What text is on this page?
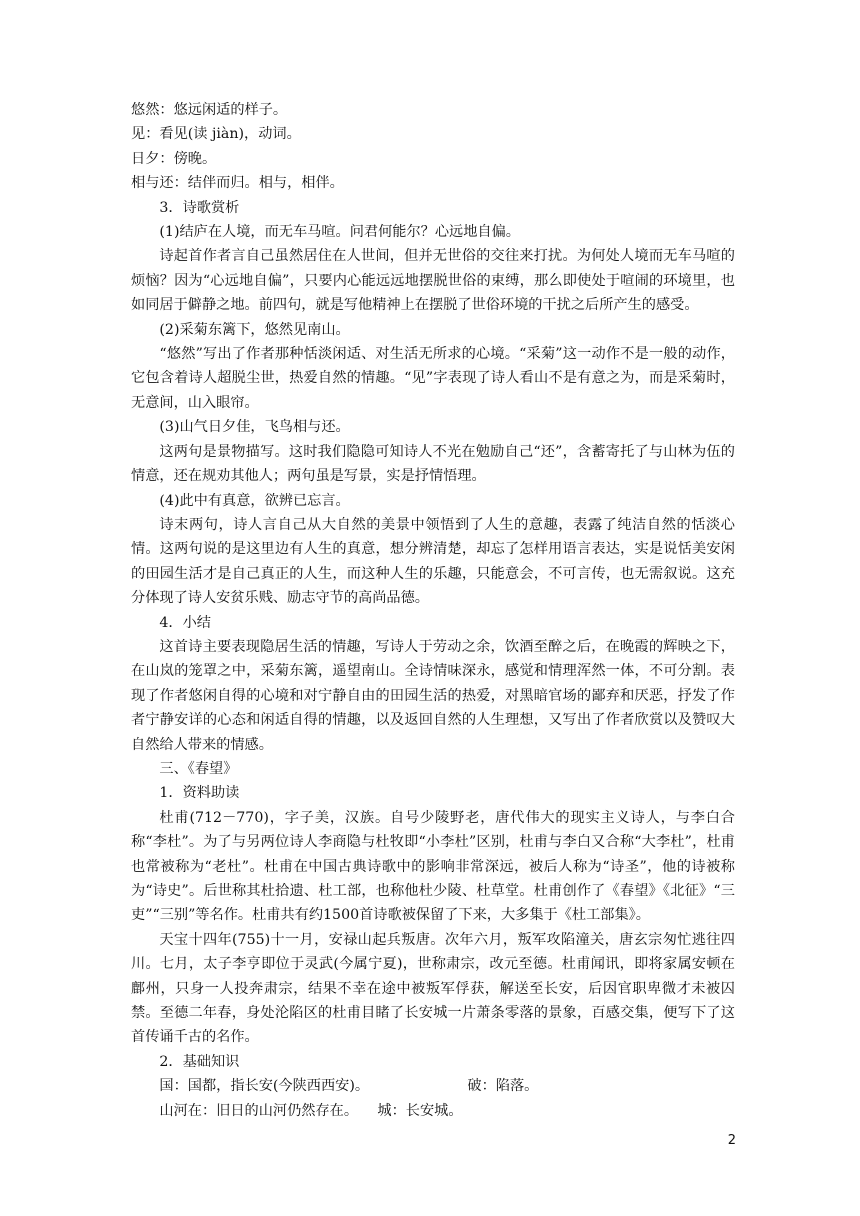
悠然：悠远闲适的样子。

见：看见(读 jiàn)，动词。

日夕：傍晚。

相与还：结伴而归。相与，相伴。

3．诗歌赏析

(1)结庐在人境，而无车马喧。问君何能尔？心远地自偏。

诗起首作者言自己虽然居住在人世间，但并无世俗的交往来打扰。为何处人境而无车马喧的烦恼？因为“心远地自偏”，只要内心能远远地摆脱世俗的束缚，那么即使处于喧闹的环境里，也如同居于僻静之地。前四句，就是写他精神上在摆脱了世俗环境的干扰之后所产生的感受。

(2)采菊东篱下，悠然见南山。

“悠然”写出了作者那种恬淡闲适、对生活无所求的心境。“采菊”这一动作不是一般的动作，它包含着诗人超脱尘世，热爱自然的情趣。“见”字表现了诗人看山不是有意之为，而是采菊时，无意间，山入眼帘。

(3)山气日夕佳，飞鸟相与还。

这两句是景物描写。这时我们隐隐可知诗人不光在勉励自己“还”，含蓄寄托了与山林为伍的情意，还在规劝其他人；两句虽是写景，实是抒情悟理。

(4)此中有真意，欲辨已忘言。

诗末两句，诗人言自己从大自然的美景中领悟到了人生的意趣，表露了纯洁自然的恬淡心情。这两句说的是这里边有人生的真意，想分辨清楚，却忘了怎样用语言表达，实是说恬美安闲的田园生活才是自己真正的人生，而这种人生的乐趣，只能意会，不可言传，也无需叙说。这充分体现了诗人安贫乐贱、励志守节的高尚品德。

4．小结

这首诗主要表现隐居生活的情趣，写诗人于劳动之余，饮酒至醉之后，在晚霞的辉映之下，在山岚的笼罩之中，采菊东篱，遥望南山。全诗情味深永，感觉和情理浑然一体，不可分割。表现了作者悠闲自得的心境和对宁静自由的田园生活的热爱，对黑暗官场的鄙弃和厌恶，抒发了作者宁静安详的心态和闲适自得的情趣，以及返回自然的人生理想，又写出了作者欣赏以及赞叹大自然给人带来的情感。

三、《春望》

1．资料助读

杜甫(712－770)，字子美，汉族。自号少陵野老，唐代伟大的现实主义诗人，与李白合称“李杜”。为了与另两位诗人李商隐与杜牧即“小李杜”区别，杜甫与李白又合称“大李杜”，杜甫也常被称为“老杜”。杜甫在中国古典诗歌中的影响非常深远，被后人称为“诗圣”，他的诗被称为“诗史”。后世称其杜拾遗、杜工部，也称他杜少陵、杜草堂。杜甫创作了《春望》《北征》“三吏”“三别”等名作。杜甫共有约1500首诗歌被保留了下来，大多集于《杜工部集》。

天宝十四年(755)十一月，安禄山起兵叛唐。次年六月，叛军攻陷潼关，唐玄宗匆忙逃往四川。七月，太子李亨即位于灵武(今属宁夏)，世称肃宗，改元至德。杜甫闻讯，即将家属安顿在鄜州，只身一人投奔肃宗，结果不幸在途中被叛军俘获，解送至长安，后因官职卑微才未被囚禁。至德二年春，身处沦陷区的杜甫目睹了长安城一片萧条零落的景象，百感交集，便写下了这首传诵千古的名作。

2．基础知识

国：国都，指长安(今陕西西安)。	破：陷落。

山河在：旧日的山河仍然存在。 城：长安城。

2
